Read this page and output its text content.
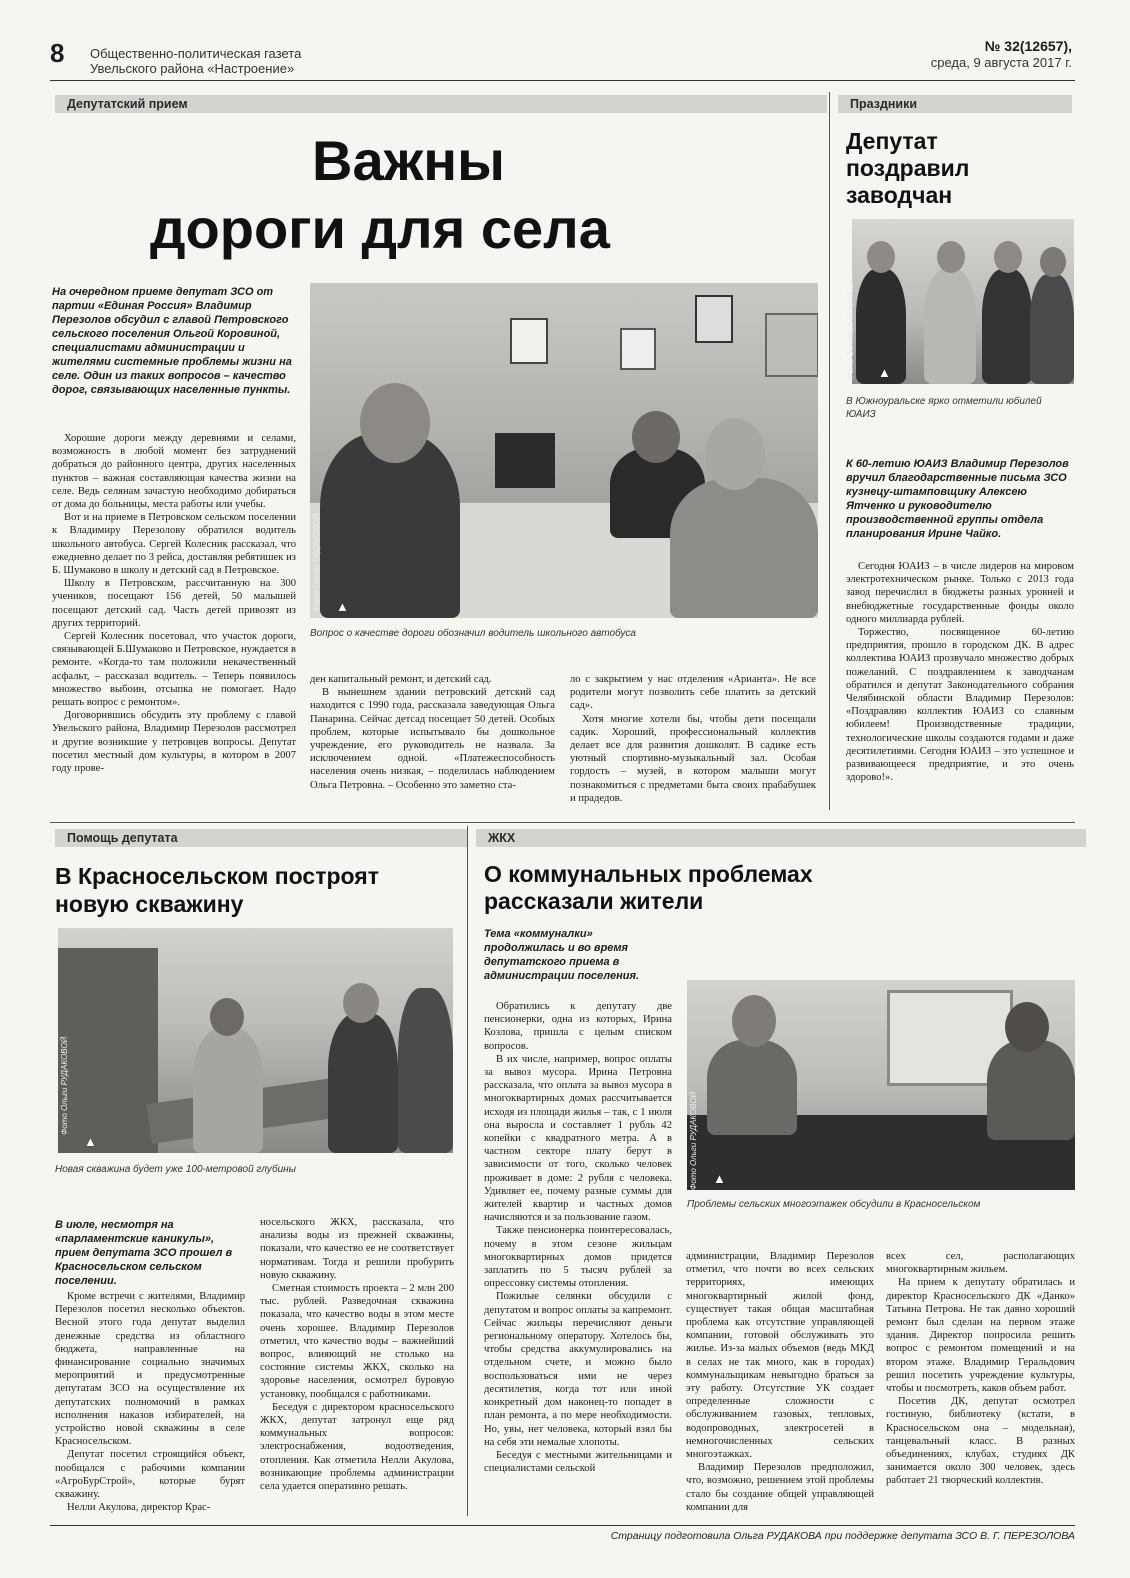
8 Общественно-политическая газета
Увельского района «Настроение»
№ 32(12657),
среда, 9 августа 2017 г.
Депутатский прием
Важны
дороги для села
На очередном приеме депутат ЗСО от партии «Единая Россия» Владимир Перезолов обсудил с главой Петровского сельского поселения Ольгой Коровиной, специалистами администрации и жителями системные проблемы жизни на селе. Один из таких вопросов – качество дорог, связывающих населенные пункты.

Хорошие дороги между деревнями и селами, возможность в любой момент без затруднений добраться до районного центра, других населенных пунктов – важная составляющая качества жизни на селе. Ведь селянам зачастую необходимо добираться от дома до больницы, места работы или учебы.

Вот и на приеме в Петровском сельском поселении к Владимиру Перезолову обратился водитель школьного автобуса. Сергей Колесник рассказал, что ежедневно делает по 3 рейса, доставляя ребятишек из Б. Шумаково в школу и детский сад в Петровское.

Школу в Петровском, рассчитанную на 300 учеников, посещают 156 детей, 50 малышей посещают детский сад. Часть детей привозят из других территорий.

Сергей Колесник посетовал, что участок дороги, связывающей Б.Шумаково и Петровское, нуждается в ремонте. «Когда-то там положили некачественный асфальт, – рассказал водитель. – Теперь появилось множество выбоин, отсыпка не помогает. Надо решать вопрос с ремонтом».

Договорившись обсудить эту проблему с главой Увельского района, Владимир Перезолов рассмотрел и другие возникшие у петровцев вопросы. Депутат посетил местный дом культуры, в котором в 2007 году прове-

▲
Фото Ольги РУДАКОВОЙ
Вопрос о качестве дороги обозначил водитель школьного автобуса

ден капитальный ремонт, и детский сад.

В нынешнем здании петровский детский сад находится с 1990 года, рассказала заведующая Ольга Панарина. Сейчас детсад посещает 50 детей. Особых проблем, которые испытывало бы дошкольное учреждение, его руководитель не назвала. За исключением одной. «Платежеспособность населения очень низкая, – поделилась наблюдением Ольга Петровна. – Особенно это заметно ста-

ло с закрытием у нас отделения «Арианта». Не все родители могут позволить себе платить за детский сад».

Хотя многие хотели бы, чтобы дети посещали садик. Хороший, профессиональный коллектив делает все для развития дошколят. В садике есть уютный спортивно-музыкальный зал. Особая гордость – музей, в котором малыши могут познакомиться с предметами быта своих прабабушек и прадедов.

Праздники
Депутат
поздравил
заводчан
▲
Фото Виктора КРАЙНОВА
В Южноуральске ярко отметили юбилей ЮАИЗ
К 60-летию ЮАИЗ Владимир Перезолов вручил благодарственные письма ЗСО кузнецу-штамповщику Алексею Ятченко и руководителю производственной группы отдела планирования Ирине Чайко.

Сегодня ЮАИЗ – в числе лидеров на мировом электротехническом рынке. Только с 2013 года завод перечислил в бюджеты разных уровней и внебюджетные государственные фонды около одного миллиарда рублей.

Торжество, посвященное 60-летию предприятия, прошло в городском ДК. В адрес коллектива ЮАИЗ прозвучало множество добрых пожеланий. С поздравлением к заводчанам обратился и депутат Законодательного собрания Челябинской области Владимир Перезолов: «Поздравляю коллектив ЮАИЗ со славным юбилеем! Производственные традиции, технологические школы создаются годами и даже десятилетиями. Сегодня ЮАИЗ – это успешное и развивающееся предприятие, и это очень здорово!».

Помощь депутата
В Красносельском построят
новую скважину
▲
Фото Ольги РУДАКОВОЙ
Новая скважина будет уже 100-метровой глубины
В июле, несмотря на «парламентские каникулы», прием депутата ЗСО прошел в Красносельском сельском поселении.

Кроме встречи с жителями, Владимир Перезолов посетил несколько объектов. Весной этого года депутат выделил денежные средства из областного бюджета, направленные на финансирование социально значимых мероприятий и предусмотренные депутатам ЗСО на осуществление их депутатских полномочий в рамках исполнения наказов избирателей, на устройство новой скважины в селе Красносельском.

Депутат посетил строящийся объект, пообщался с рабочими компании «АгроБурСтрой», которые бурят скважину.

Нелли Акулова, директор Крас-

носельского ЖКХ, рассказала, что анализы воды из прежней скважины, показали, что качество ее не соответствует нормативам. Тогда и решили пробурить новую скважину.

Сметная стоимость проекта – 2 млн 200 тыс. рублей. Разведочная скважина показала, что качество воды в этом месте очень хорошее. Владимир Перезолов отметил, что качество воды – важнейший вопрос, влияющий не столько на состояние системы ЖКХ, сколько на здоровье населения, осмотрел буровую установку, пообщался с работниками.

Беседуя с директором красносельского ЖКХ, депутат затронул еще ряд коммунальных вопросов: электроснабжения, водоотведения, отопления. Как отметила Нелли Акулова, возникающие проблемы администрации села удается оперативно решать.

ЖКХ
О коммунальных проблемах
рассказали жители
Тема «коммуналки» продолжилась и во время депутатского приема в администрации поселения.

Обратились к депутату две пенсионерки, одна из которых, Ирина Козлова, пришла с целым списком вопросов.

В их числе, например, вопрос оплаты за вывоз мусора. Ирина Петровна рассказала, что оплата за вывоз мусора в многоквартирных домах рассчитывается исходя из площади жилья – так, с 1 июля она выросла и составляет 1 рубль 42 копейки с квадратного метра. А в частном секторе плату берут в зависимости от того, сколько человек проживает в доме: 2 рубля с человека. Удивляет ее, почему разные суммы для жителей квартир и частных домов начисляются и за пользование газом.

Также пенсионерка поинтересовалась, почему в этом сезоне жильцам многоквартирных домов придется заплатить по 5 тысяч рублей за опрессовку системы отопления.

Пожилые селянки обсудили с депутатом и вопрос оплаты за капремонт. Сейчас жильцы перечисляют деньги региональному оператору. Хотелось бы, чтобы средства аккумулировались на отдельном счете, и можно было воспользоваться ими не через десятилетия, когда тот или иной конкретный дом наконец-то попадет в план ремонта, а по мере необходимости. Но, увы, нет человека, который взял бы на себя эти немалые хлопоты.

Беседуя с местными жительницами и специалистами сельской

▲
Фото Ольги РУДАКОВОЙ
Проблемы сельских многоэтажек обсудили в Красносельском

администрации, Владимир Перезолов отметил, что почти во всех сельских территориях, имеющих многоквартирный жилой фонд, существует такая общая масштабная проблема как отсутствие управляющей компании, готовой обслуживать это жилье. Из-за малых объемов (ведь МКД в селах не так много, как в городах) коммунальщикам невыгодно браться за эту работу. Отсутствие УК создает определенные сложности с обслуживанием газовых, тепловых, водопроводных, электросетей в немногочисленных сельских многоэтажках.

Владимир Перезолов предположил, что, возможно, решением этой проблемы стало бы создание общей управляющей компании для

всех сел, располагающих многоквартирным жильем.

На прием к депутату обратилась и директор Красносельского ДК «Данко» Татьяна Петрова. Не так давно хороший ремонт был сделан на первом этаже здания. Директор попросила решить вопрос с ремонтом помещений и на втором этаже. Владимир Геральдович решил посетить учреждение культуры, чтобы и посмотреть, каков объем работ.

Посетив ДК, депутат осмотрел гостиную, библиотеку (кстати, в Красносельском она – модельная), танцевальный класс. В разных объединениях, клубах, студиях ДК занимается около 300 человек, здесь работает 21 творческий коллектив.

Страницу подготовила Ольга РУДАКОВА при поддержке депутата ЗСО В. Г. ПЕРЕЗОЛОВА
